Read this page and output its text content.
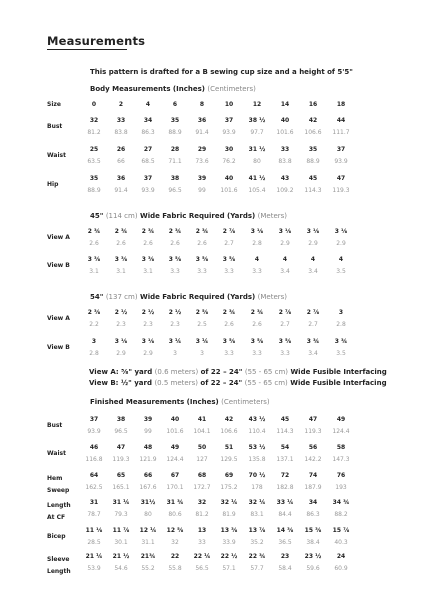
Measurements
This pattern is drafted for a B sewing cup size and a height of 5'5"
Body Measurements (Inches) (Centimeters)
Size	0	2	4	6	8	10	12	14	16	18
Bust
32	33	34	35	36	37	38 ½	40	42	44
81.2	83.8	86.3	88.9	91.4	93.9	97.7	101.6	106.6	111.7
Waist
25	26	27	28	29	30	31 ½	33	35	37
63.5	66	68.5	71.1	73.6	76.2	80	83.8	88.9	93.9
Hip
35	36	37	38	39	40	41 ½	43	45	47
88.9	91.4	93.9	96.5	99	101.6	105.4	109.2	114.3	119.3
45" (114 cm) Wide Fabric Required (Yards) (Meters)
View A
2 ¾	2 ¾	2 ¾	2 ¾	2 ¾	2 ⅞	3 ⅛	3 ⅛	3 ⅛	3 ⅛
2.6	2.6	2.6	2.6	2.6	2.7	2.8	2.9	2.9	2.9
View B
3 ⅜	3 ⅜	3 ⅜	3 ⅝	3 ⅝	3 ⅝	4	4	4	4
3.1	3.1	3.1	3.3	3.3	3.3	3.3	3.4	3.4	3.5
54" (137 cm) Wide Fabric Required (Yards) (Meters)
View A
2 ⅜	2 ½	2 ½	2 ½	2 ⅝	2 ¾	2 ¾	2 ⅞	2 ⅞	3
2.2	2.3	2.3	2.3	2.5	2.6	2.6	2.7	2.7	2.8
View B
3	3 ⅛	3 ⅛	3 ¼	3 ¼	3 ⅝	3 ⅝	3 ⅝	3 ¾	3 ¾
2.8	2.9	2.9	3	3	3.3	3.3	3.3	3.4	3.5
View A: ⅝" yard (0.6 meters) of 22 – 24" (55 - 65 cm) Wide Fusible Interfacing
View B: ½" yard (0.5 meters) of 22 – 24" (55 - 65 cm) Wide Fusible Interfacing
Finished Measurements (Inches) (Centimeters)
Bust
37	38	39	40	41	42	43 ½	45	47	49
93.9	96.5	99	101.6	104.1	106.6	110.4	114.3	119.3	124.4
Waist
46	47	48	49	50	51	53 ½	54	56	58
116.8	119.3	121.9	124.4	127	129.5	135.8	137.1	142.2	147.3
Hem
Sweep
64	65	66	67	68	69	70 ½	72	74	76
162.5	165.1	167.6	170.1	172.7	175.2	178	182.8	187.9	193
Length
At CF
31	31 ¼	31½	31 ¾	32	32 ¼	32 ¼	33 ¼	34	34 ¾
78.7	79.3	80	80.6	81.2	81.9	83.1	84.4	86.3	88.2
Bicep
11 ⅛	11 ⅞	12 ¼	12 ⅝	13	13 ⅜	13 ⅞	14 ⅜	15 ⅜	15 ⅞
28.5	30.1	31.1	32	33	33.9	35.2	36.5	38.4	40.3
Sleeve
Length
21 ¼	21 ½	21¾	22	22 ¼	22 ½	22 ¾	23	23 ½	24
53.9	54.6	55.2	55.8	56.5	57.1	57.7	58.4	59.6	60.9
